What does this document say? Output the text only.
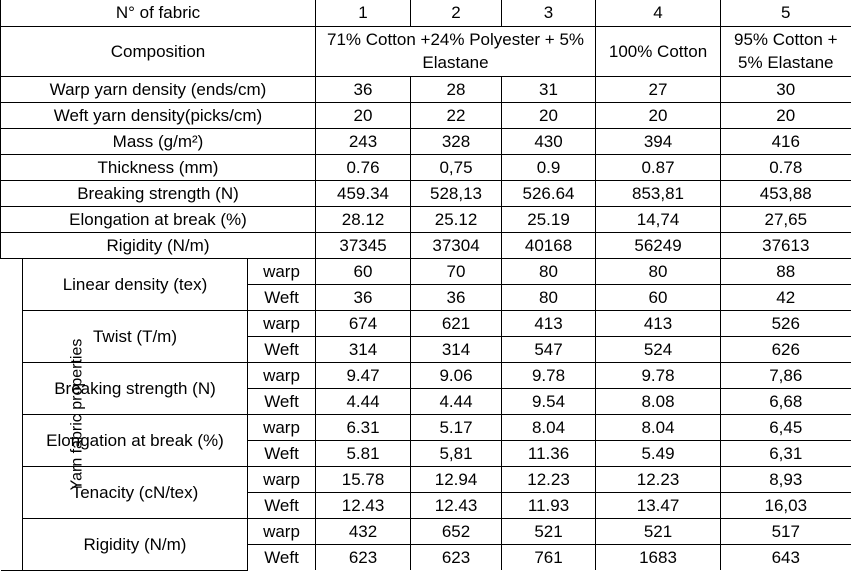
N° of fabric			1	2	3	4	5
Composition			71% Cotton +24% Polyester + 5% Elastane			100% Cotton	95% Cotton + 5% Elastane
Warp yarn density (ends/cm)			36	28	31	27	30
Weft yarn density(picks/cm)			20	22	20	20	20
Mass (g/m²)			243	328	430	394	416
Thickness (mm)			0.76	0,75	0.9	0.87	0.78
Breaking strength (N)			459.34	528,13	526.64	853,81	453,88
Elongation at break (%)			28.12	25.12	25.19	14,74	27,65
Rigidity (N/m)			37345	37304	40168	56249	37613
Yarn fabric properties	Linear density (tex)	warp	60	70	80	80	88
		Weft	36	36	80	60	42
	Twist (T/m)	warp	674	621	413	413	526
		Weft	314	314	547	524	626
	Breaking strength (N)	warp	9.47	9.06	9.78	9.78	7,86
		Weft	4.44	4.44	9.54	8.08	6,68
	Elongation at break (%)	warp	6.31	5.17	8.04	8.04	6,45
		Weft	5.81	5,81	11.36	5.49	6,31
	Tenacity (cN/tex)	warp	15.78	12.94	12.23	12.23	8,93
		Weft	12.43	12.43	11.93	13.47	16,03
	Rigidity (N/m)	warp	432	652	521	521	517
		Weft	623	623	761	1683	643
